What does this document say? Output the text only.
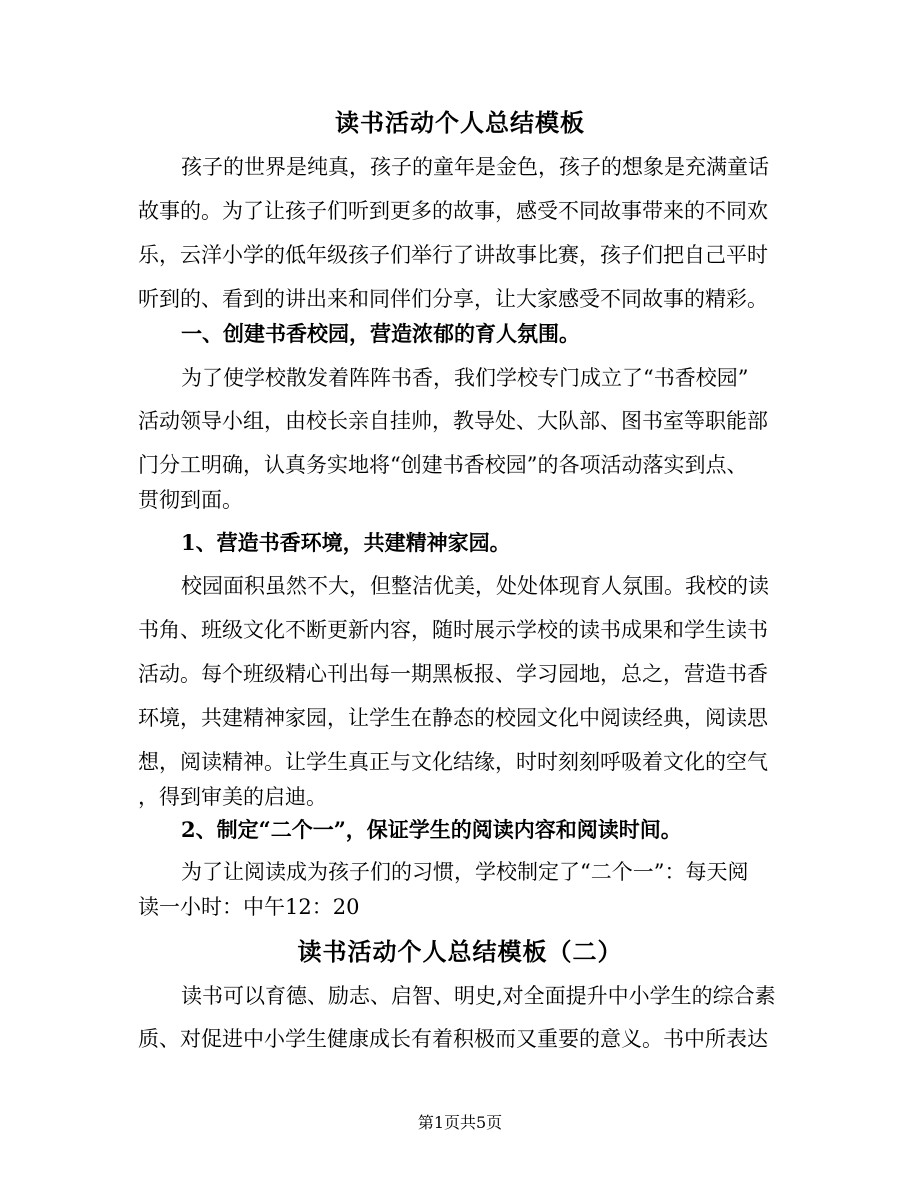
读书活动个人总结模板
孩子的世界是纯真，孩子的童年是金色，孩子的想象是充满童话
故事的。为了让孩子们听到更多的故事，感受不同故事带来的不同欢
乐，云洋小学的低年级孩子们举行了讲故事比赛，孩子们把自己平时
听到的、看到的讲出来和同伴们分享，让大家感受不同故事的精彩。
一、创建书香校园，营造浓郁的育人氛围。
为了使学校散发着阵阵书香，我们学校专门成立了“书香校园”
活动领导小组，由校长亲自挂帅，教导处、大队部、图书室等职能部
门分工明确，认真务实地将“创建书香校园”的各项活动落实到点、
贯彻到面。
1、营造书香环境，共建精神家园。
校园面积虽然不大，但整洁优美，处处体现育人氛围。我校的读
书角、班级文化不断更新内容，随时展示学校的读书成果和学生读书
活动。每个班级精心刊出每一期黑板报、学习园地，总之，营造书香
环境，共建精神家园，让学生在静态的校园文化中阅读经典，阅读思
想，阅读精神。让学生真正与文化结缘，时时刻刻呼吸着文化的空气
，得到审美的启迪。
2、制定“二个一”，保证学生的阅读内容和阅读时间。
为了让阅读成为孩子们的习惯，学校制定了“二个一”：每天阅
读一小时：中午12：20
读书活动个人总结模板（二）
读书可以育德、励志、启智、明史,对全面提升中小学生的综合素
质、对促进中小学生健康成长有着积极而又重要的意义。书中所表达
第1页共5页
